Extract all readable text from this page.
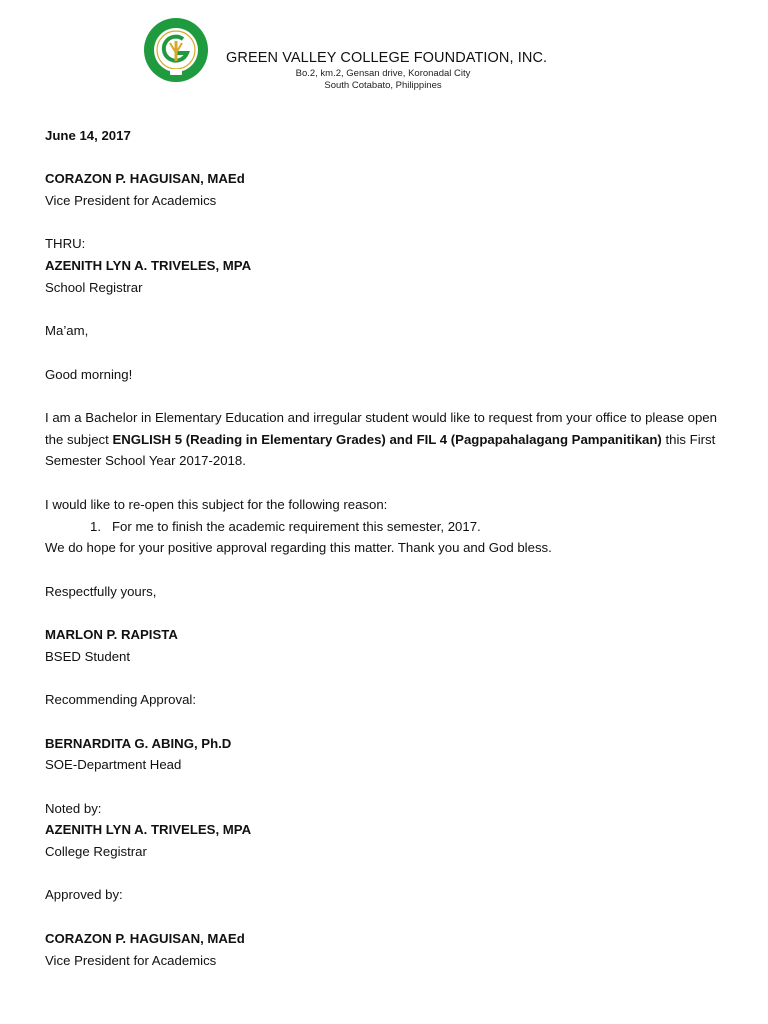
GREEN VALLEY COLLEGE FOUNDATION, INC.
Bo.2, km.2, Gensan drive, Koronadal City
South Cotabato, Philippines
June 14, 2017
CORAZON P. HAGUISAN, MAEd
Vice President for Academics
THRU:
AZENITH LYN A. TRIVELES, MPA
School Registrar
Ma’am,
Good morning!
I am a Bachelor in Elementary Education and irregular student would like to request from your office to please open the subject ENGLISH 5 (Reading in Elementary Grades) and FIL 4 (Pagpapahalagang Pampanitikan) this First Semester School Year 2017-2018.
I would like to re-open this subject for the following reason:
1. For me to finish the academic requirement this semester, 2017.
We do hope for your positive approval regarding this matter. Thank you and God bless.
Respectfully yours,
MARLON P. RAPISTA
BSED Student
Recommending Approval:
BERNARDITA G. ABING, Ph.D
SOE-Department Head
Noted by:
AZENITH LYN A. TRIVELES, MPA
College Registrar
Approved by:
CORAZON P. HAGUISAN, MAEd
Vice President for Academics
